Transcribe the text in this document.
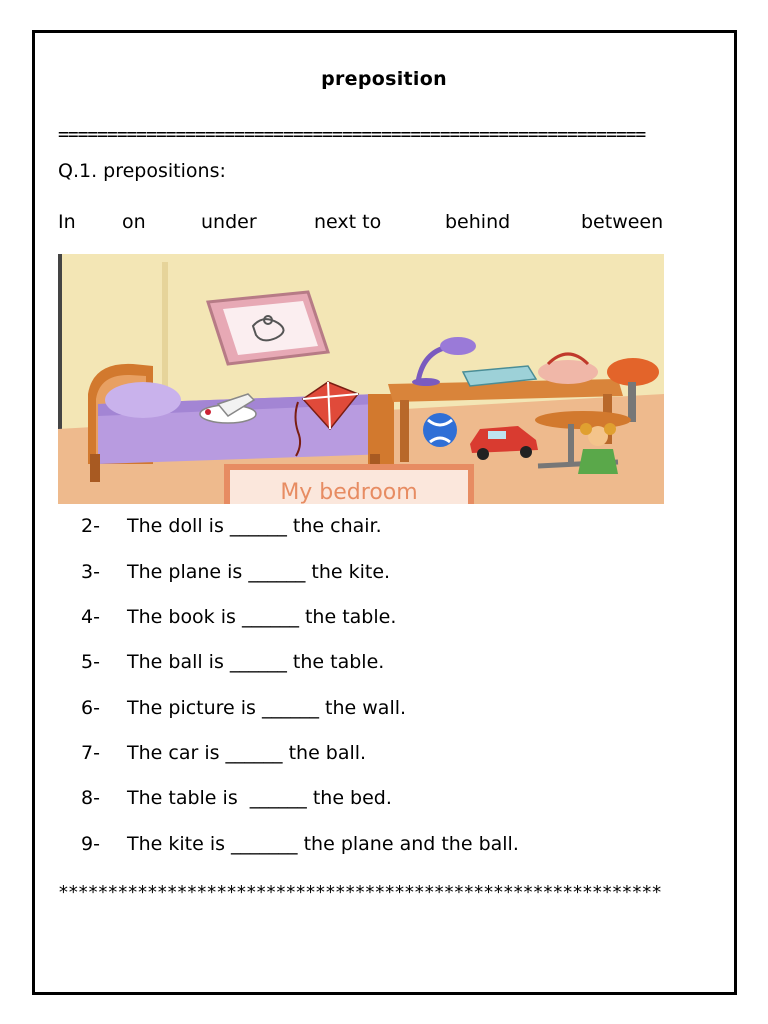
preposition
============================================================
Q.1. prepositions:
In on	under	next to	behind	between
My bedroom
2- The doll is ______ the chair.
3- The plane is ______ the kite.
4- The book is ______ the table.
5- The ball is ______ the table.
6- The picture is ______ the wall.
7- The car is ______ the ball.
8- The table is  ______ the bed.
9- The kite is _______ the plane and the ball.
*************************************************************
